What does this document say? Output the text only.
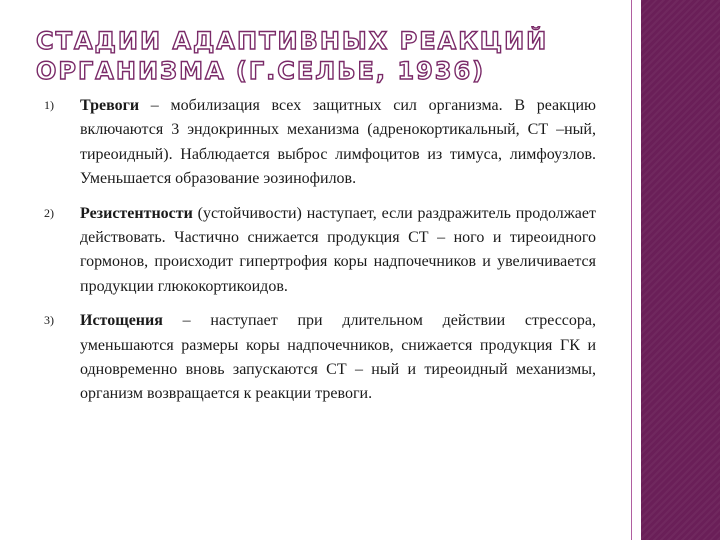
СТАДИИ АДАПТИВНЫХ РЕАКЦИЙ ОРГАНИЗМА (Г.СЕЛЬЕ, 1936)
1) Тревоги – мобилизация всех защитных сил организма. В реакцию включаются 3 эндокринных механизма (адренокортикальный, СТ –ный, тиреоидный). Наблюдается выброс лимфоцитов из тимуса, лимфоузлов. Уменьшается образование эозинофилов.

2) Резистентности (устойчивости) наступает, если раздражитель продолжает действовать. Частично снижается продукция СТ – ного и тиреоидного гормонов, происходит гипертрофия коры надпочечников и увеличивается продукции глюкокортикоидов.

3) Истощения – наступает при длительном действии стрессора, уменьшаются размеры коры надпочечников, снижается продукция ГК и одновременно вновь запускаются СТ – ный и тиреоидный механизмы, организм возвращается к реакции тревоги.
